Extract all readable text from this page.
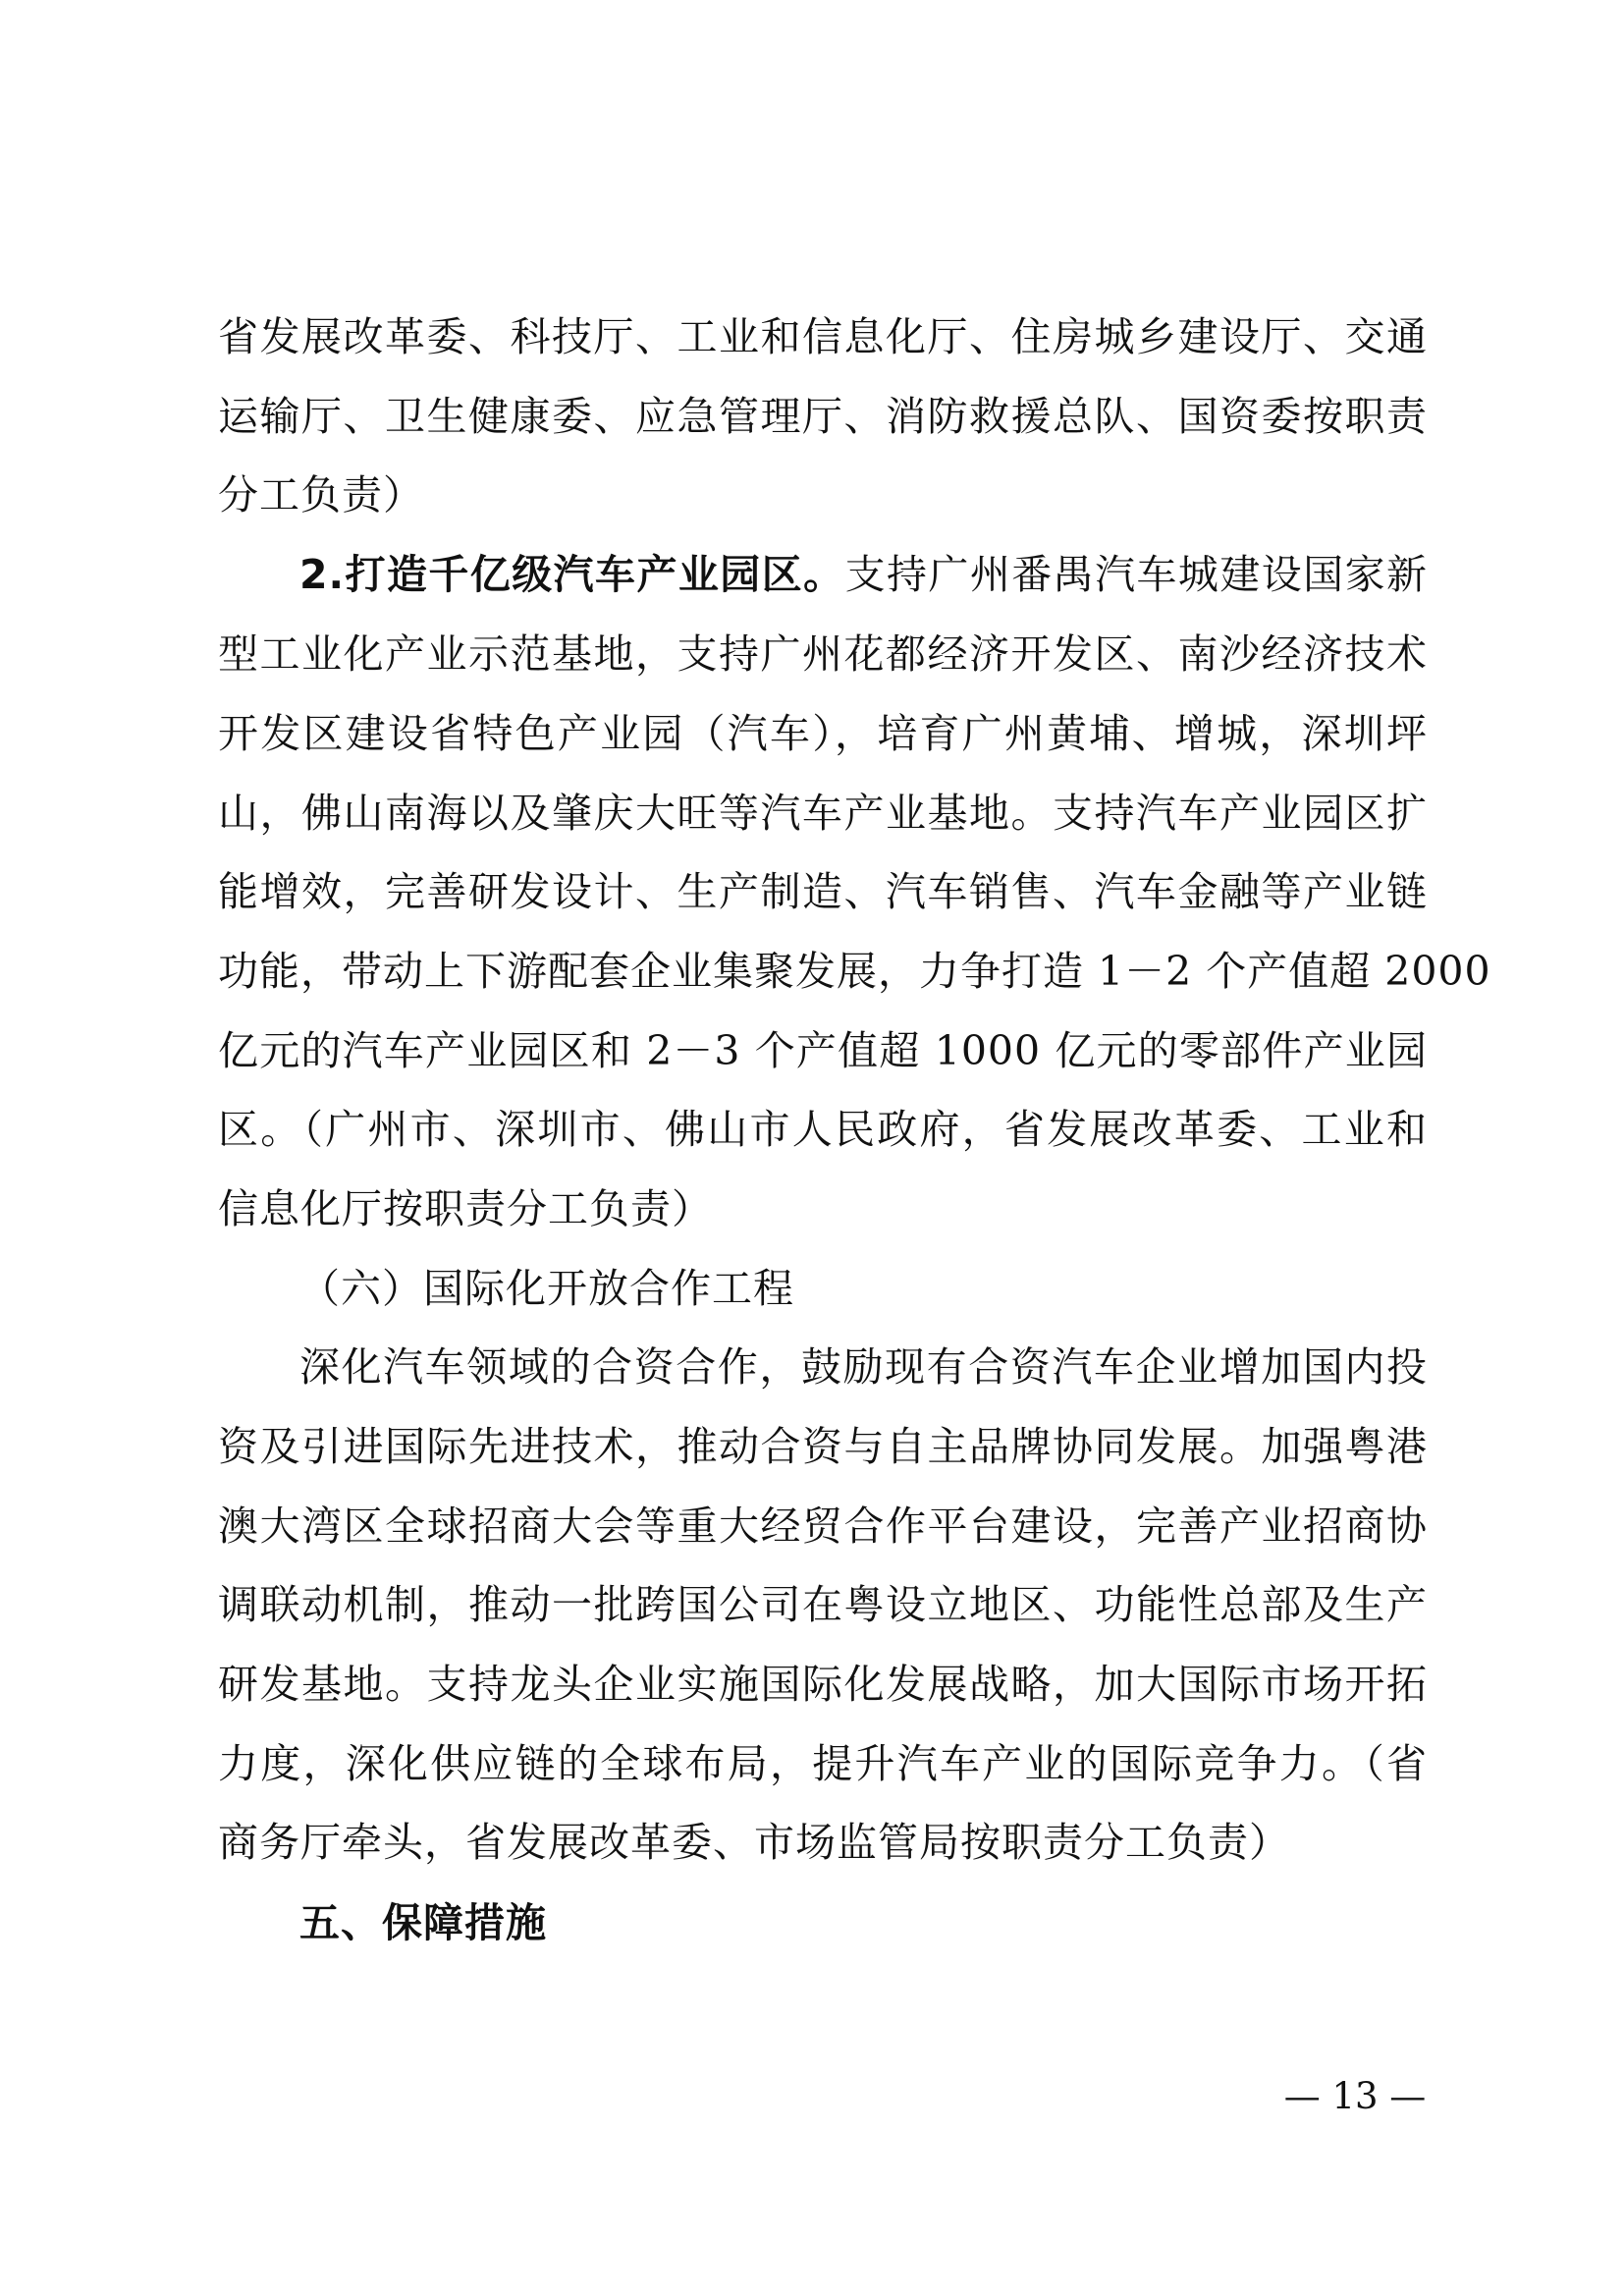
省发展改革委、科技厅、工业和信息化厅、住房城乡建设厅、交通
运输厅、卫生健康委、应急管理厅、消防救援总队、国资委按职责
分工负责）
2.打造千亿级汽车产业园区。支持广州番禺汽车城建设国家新
型工业化产业示范基地，支持广州花都经济开发区、南沙经济技术
开发区建设省特色产业园（汽车），培育广州黄埔、增城，深圳坪
山，佛山南海以及肇庆大旺等汽车产业基地。支持汽车产业园区扩
能增效，完善研发设计、生产制造、汽车销售、汽车金融等产业链
功能，带动上下游配套企业集聚发展，力争打造 1－2 个产值超 2000
亿元的汽车产业园区和 2－3 个产值超 1000 亿元的零部件产业园
区。（广州市、深圳市、佛山市人民政府，省发展改革委、工业和
信息化厅按职责分工负责）
（六）国际化开放合作工程
深化汽车领域的合资合作，鼓励现有合资汽车企业增加国内投
资及引进国际先进技术，推动合资与自主品牌协同发展。加强粤港
澳大湾区全球招商大会等重大经贸合作平台建设，完善产业招商协
调联动机制，推动一批跨国公司在粤设立地区、功能性总部及生产
研发基地。支持龙头企业实施国际化发展战略，加大国际市场开拓
力度，深化供应链的全球布局，提升汽车产业的国际竞争力。（省
商务厅牵头，省发展改革委、市场监管局按职责分工负责）
五、保障措施
— 13 —
